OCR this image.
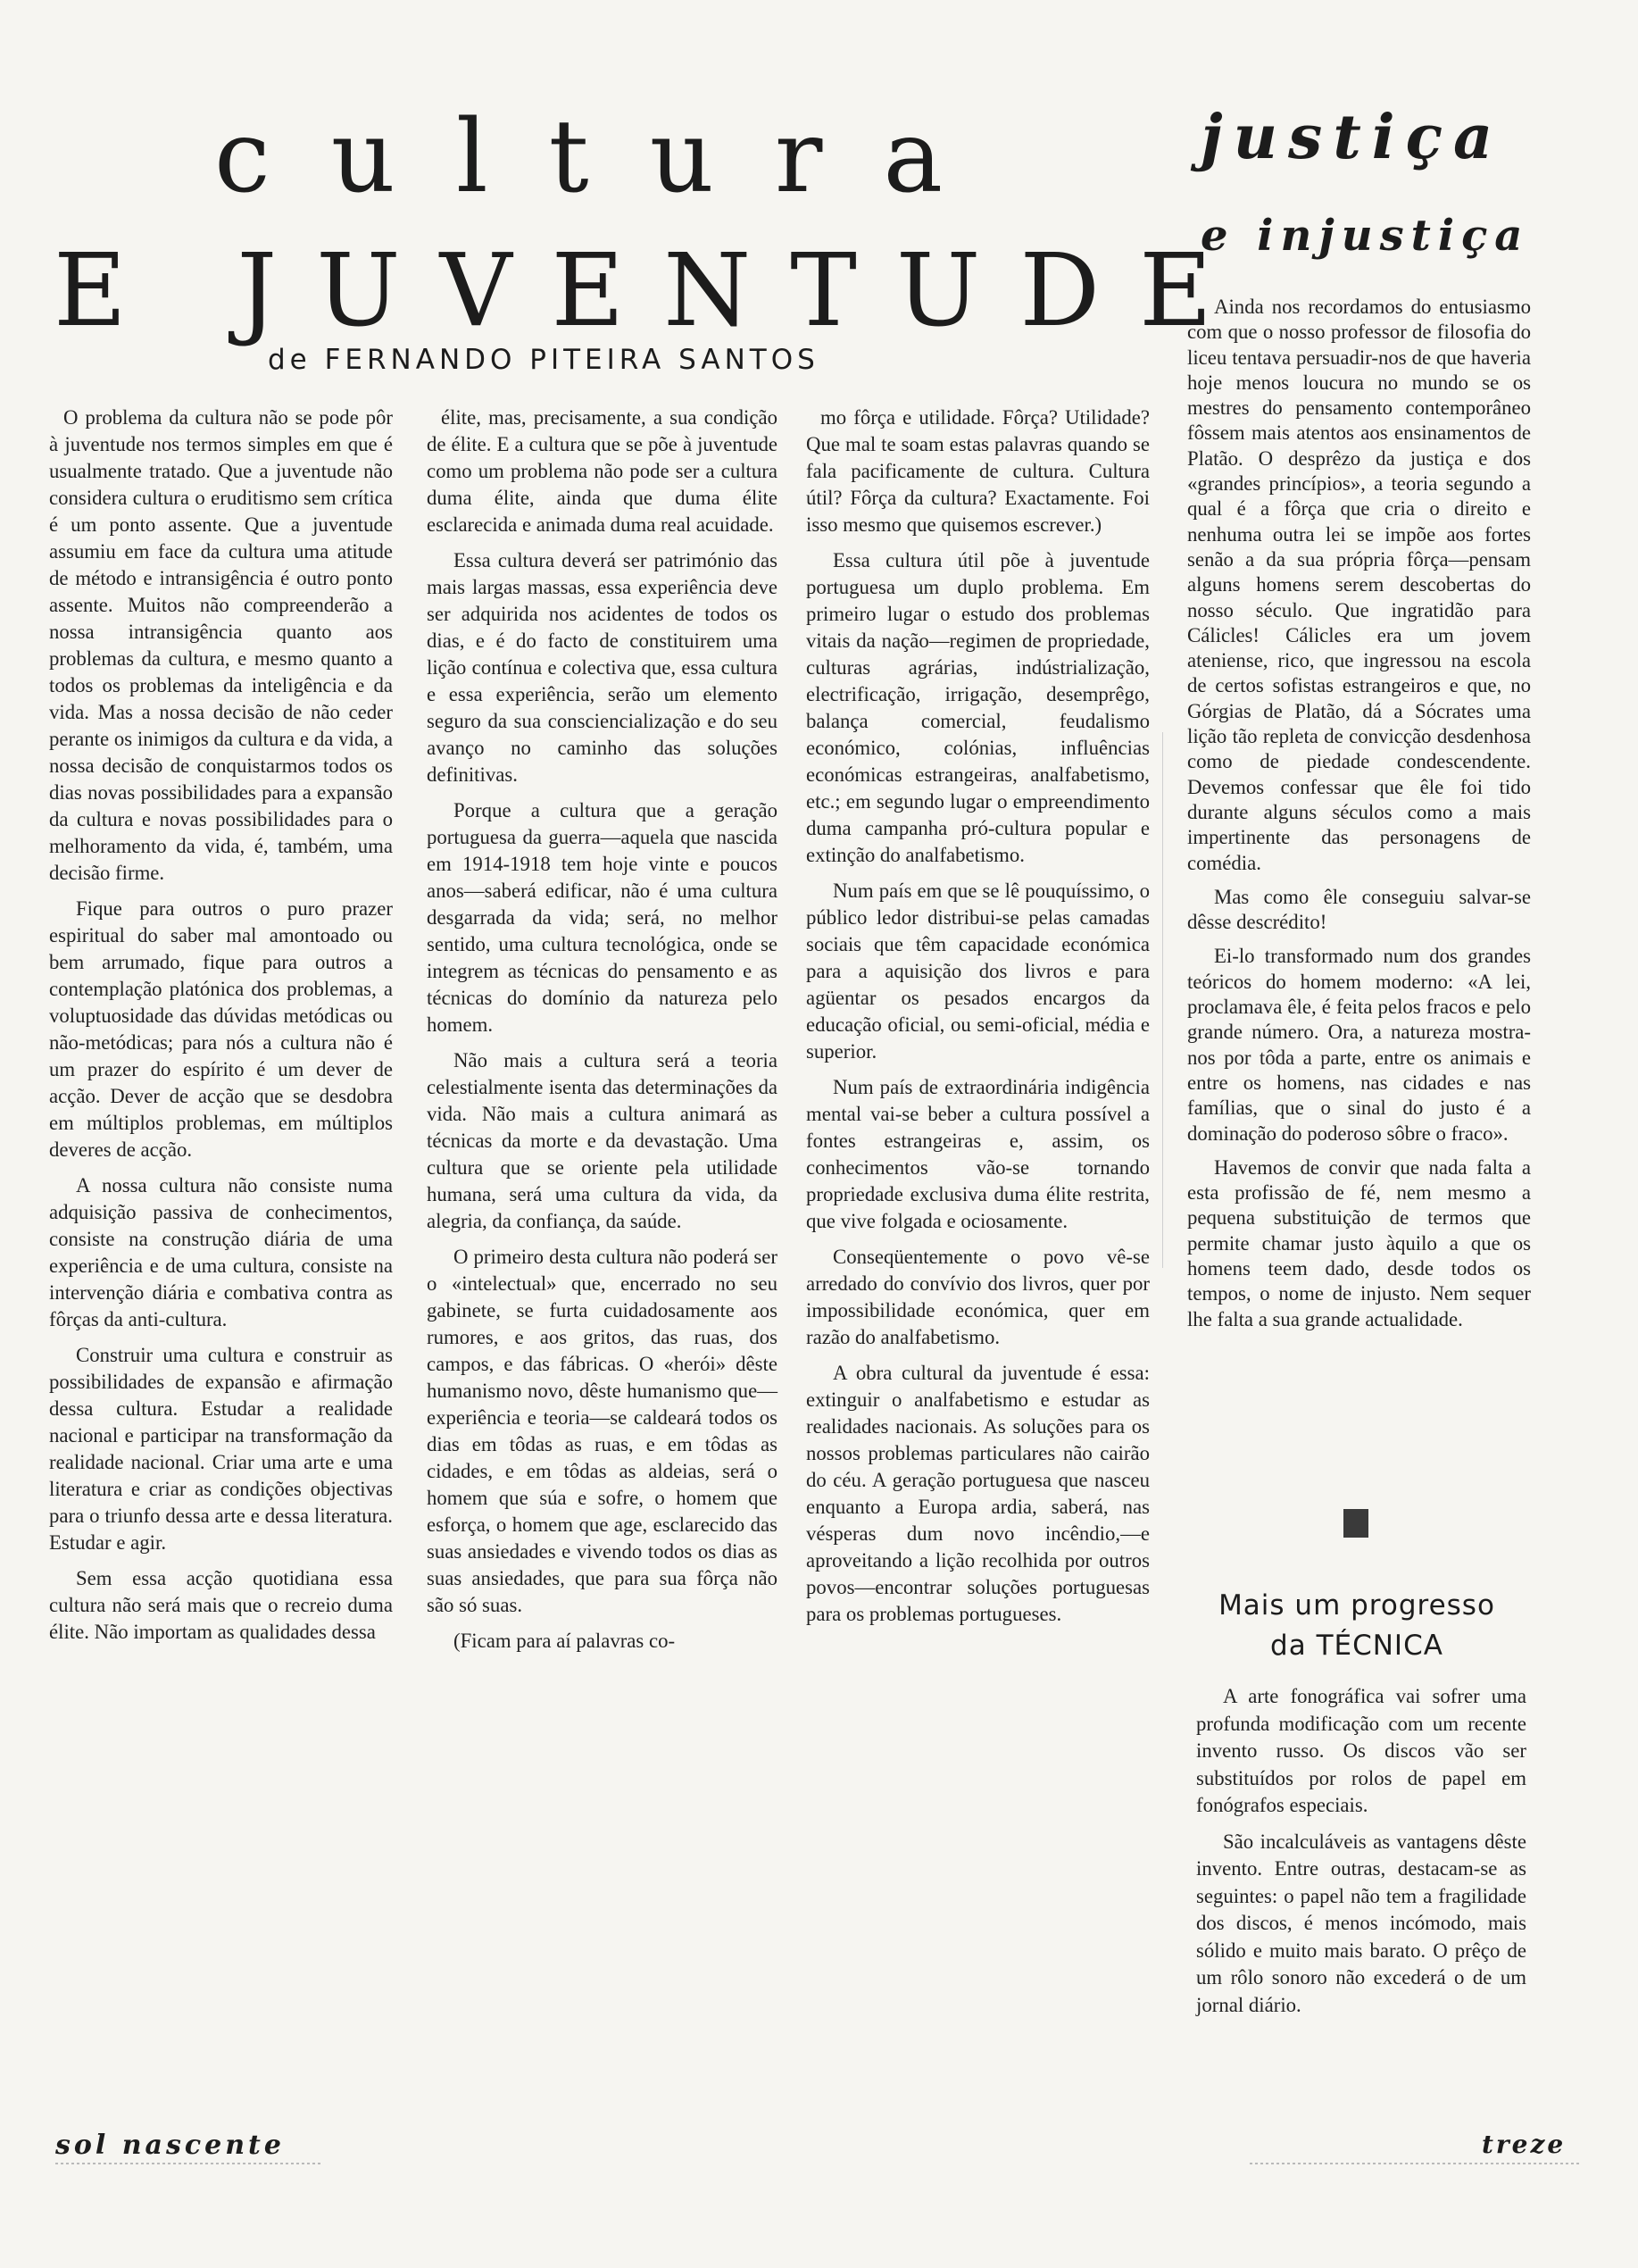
cultura
E JUVENTUDE
de FERNANDO PITEIRA SANTOS
justiça
e injustiça

O problema da cultura não se pode pôr à juventude nos termos simples em que é usualmente tratado. Que a juventude não considera cultura o eruditismo sem crítica é um ponto assente. Que a juventude assumiu em face da cultura uma atitude de método e intransigência é outro ponto assente. Muitos não compreenderão a nossa intransigência quanto aos problemas da cultura, e mesmo quanto a todos os problemas da inteligência e da vida. Mas a nossa decisão de não ceder perante os inimigos da cultura e da vida, a nossa decisão de conquistarmos todos os dias novas possibilidades para a expansão da cultura e novas possibilidades para o melhoramento da vida, é, também, uma decisão firme.

Fique para outros o puro prazer espiritual do saber mal amontoado ou bem arrumado, fique para outros a contemplação platónica dos problemas, a voluptuosidade das dúvidas metódicas ou não-metódicas; para nós a cultura não é um prazer do espírito é um dever de acção. Dever de acção que se desdobra em múltiplos problemas, em múltiplos deveres de acção.

A nossa cultura não consiste numa adquisição passiva de conhecimentos, consiste na construção diária de uma experiência e de uma cultura, consiste na intervenção diária e combativa contra as fôrças da anti-cultura.

Construir uma cultura e construir as possibilidades de expansão e afirmação dessa cultura. Estudar a realidade nacional e participar na transformação da realidade nacional. Criar uma arte e uma literatura e criar as condições objectivas para o triunfo dessa arte e dessa literatura. Estudar e agir.

Sem essa acção quotidiana essa cultura não será mais que o recreio duma élite. Não importam as qualidades dessa

élite, mas, precisamente, a sua condição de élite. E a cultura que se põe à juventude como um problema não pode ser a cultura duma élite, ainda que duma élite esclarecida e animada duma real acuidade.

Essa cultura deverá ser património das mais largas massas, essa experiência deve ser adquirida nos acidentes de todos os dias, e é do facto de constituirem uma lição contínua e colectiva que, essa cultura e essa experiência, serão um elemento seguro da sua consciencialização e do seu avanço no caminho das soluções definitivas.

Porque a cultura que a geração portuguesa da guerra—aquela que nascida em 1914-1918 tem hoje vinte e poucos anos—saberá edificar, não é uma cultura desgarrada da vida; será, no melhor sentido, uma cultura tecnológica, onde se integrem as técnicas do pensamento e as técnicas do domínio da natureza pelo homem.

Não mais a cultura será a teoria celestialmente isenta das determinações da vida. Não mais a cultura animará as técnicas da morte e da devastação. Uma cultura que se oriente pela utilidade humana, será uma cultura da vida, da alegria, da confiança, da saúde.

O primeiro desta cultura não poderá ser o «intelectual» que, encerrado no seu gabinete, se furta cuidadosamente aos rumores, e aos gritos, das ruas, dos campos, e das fábricas. O «herói» dêste humanismo novo, dêste humanismo que—experiência e teoria—se caldeará todos os dias em tôdas as ruas, e em tôdas as cidades, e em tôdas as aldeias, será o homem que súa e sofre, o homem que esforça, o homem que age, esclarecido das suas ansiedades e vivendo todos os dias as suas ansiedades, que para sua fôrça não são só suas.

(Ficam para aí palavras co-

mo fôrça e utilidade. Fôrça? Utilidade? Que mal te soam estas palavras quando se fala pacificamente de cultura. Cultura útil? Fôrça da cultura? Exactamente. Foi isso mesmo que quisemos escrever.)

Essa cultura útil põe à juventude portuguesa um duplo problema. Em primeiro lugar o estudo dos problemas vitais da nação—regimen de propriedade, culturas agrárias, indústrialização, electrificação, irrigação, desemprêgo, balança comercial, feudalismo económico, colónias, influências económicas estrangeiras, analfabetismo, etc.; em segundo lugar o empreendimento duma campanha pró-cultura popular e extinção do analfabetismo.

Num país em que se lê pouquíssimo, o público ledor distribui-se pelas camadas sociais que têm capacidade económica para a aquisição dos livros e para agüentar os pesados encargos da educação oficial, ou semi-oficial, média e superior.

Num país de extraordinária indigência mental vai-se beber a cultura possível a fontes estrangeiras e, assim, os conhecimentos vão-se tornando propriedade exclusiva duma élite restrita, que vive folgada e ociosamente.

Conseqüentemente o povo vê-se arredado do convívio dos livros, quer por impossibilidade económica, quer em razão do analfabetismo.

A obra cultural da juventude é essa: extinguir o analfabetismo e estudar as realidades nacionais. As soluções para os nossos problemas particulares não cairão do céu. A geração portuguesa que nasceu enquanto a Europa ardia, saberá, nas vésperas dum novo incêndio,—e aproveitando a lição recolhida por outros povos—encontrar soluções portuguesas para os problemas portugueses.

Ainda nos recordamos do entusiasmo com que o nosso professor de filosofia do liceu tentava persuadir-nos de que haveria hoje menos loucura no mundo se os mestres do pensamento contemporâneo fôssem mais atentos aos ensinamentos de Platão. O desprêzo da justiça e dos «grandes princípios», a teoria segundo a qual é a fôrça que cria o direito e nenhuma outra lei se impõe aos fortes senão a da sua própria fôrça—pensam alguns homens serem descobertas do nosso século. Que ingratidão para Cálicles! Cálicles era um jovem ateniense, rico, que ingressou na escola de certos sofistas estrangeiros e que, no Górgias de Platão, dá a Sócrates uma lição tão repleta de convicção desdenhosa como de piedade condescendente. Devemos confessar que êle foi tido durante alguns séculos como a mais impertinente das personagens de comédia.

Mas como êle conseguiu salvar-se dêsse descrédito!

Ei-lo transformado num dos grandes teóricos do homem moderno: «A lei, proclamava êle, é feita pelos fracos e pelo grande número. Ora, a natureza mostra-nos por tôda a parte, entre os animais e entre os homens, nas cidades e nas famílias, que o sinal do justo é a dominação do poderoso sôbre o fraco».

Havemos de convir que nada falta a esta profissão de fé, nem mesmo a pequena substituição de termos que permite chamar justo àquilo a que os homens teem dado, desde todos os tempos, o nome de injusto. Nem sequer lhe falta a sua grande actualidade.

Mais um progresso
da TÉCNICA

A arte fonográfica vai sofrer uma profunda modificação com um recente invento russo. Os discos vão ser substituídos por rolos de papel em fonógrafos especiais.

São incalculáveis as vantagens dêste invento. Entre outras, destacam-se as seguintes: o papel não tem a fragilidade dos discos, é menos incómodo, mais sólido e muito mais barato. O prêço de um rôlo sonoro não excederá o de um jornal diário.

sol nascente	treze
